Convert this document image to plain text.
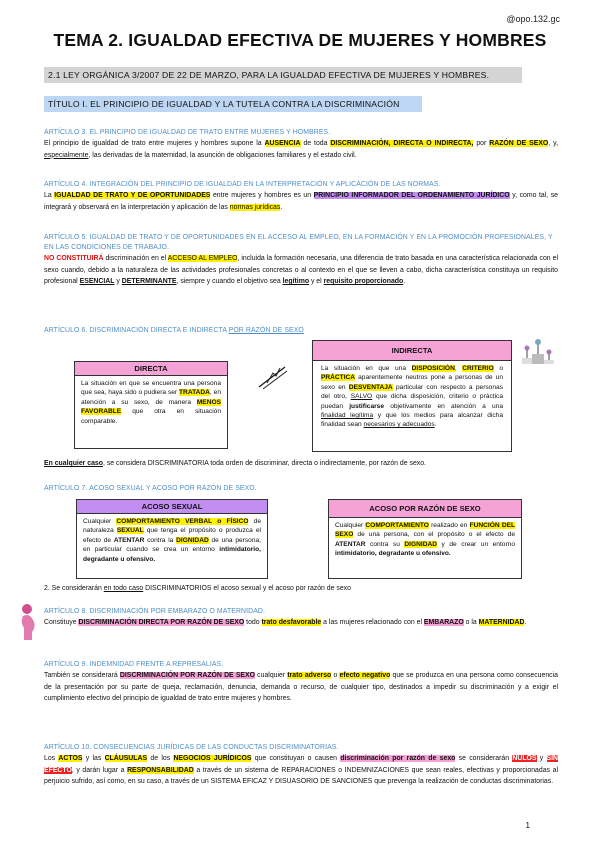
@opo.132.gc
TEMA 2. IGUALDAD EFECTIVA DE MUJERES Y HOMBRES
2.1 LEY ORGÁNICA 3/2007 DE 22 DE MARZO, PARA LA IGUALDAD EFECTIVA DE MUJERES Y HOMBRES.
TÍTULO I. EL PRINCIPIO DE IGUALDAD Y LA TUTELA CONTRA LA DISCRIMINACIÓN
ARTÍCULO 3. EL PRINCIPIO DE IGUALDAD DE TRATO ENTRE MUJERES Y HOMBRES.
El principio de igualdad de trato entre mujeres y hombres supone la AUSENCIA de toda DISCRIMINACIÓN, DIRECTA O INDIRECTA, por RAZÓN DE SEXO, y, especialmente, las derivadas de la maternidad, la asunción de obligaciones familiares y el estado civil.
ARTÍCULO 4. INTEGRACIÓN DEL PRINCIPIO DE IGUALDAD EN LA INTERPRETACIÓN Y APLICACIÓN DE LAS NORMAS.
La IGUALDAD DE TRATO Y DE OPORTUNIDADES entre mujeres y hombres es un PRINCIPIO INFORMADOR DEL ORDENAMIENTO JURÍDICO y, como tal, se integrará y observará en la interpretación y aplicación de las normas jurídicas.
ARTÍCULO 5. IGUALDAD DE TRATO Y DE OPORTUNIDADES EN EL ACCESO AL EMPLEO, EN LA FORMACIÓN Y EN LA PROMOCIÓN PROFESIONALES, Y EN LAS CONDICIONES DE TRABAJO.
NO CONSTITUIRÁ discriminación en el ACCESO AL EMPLEO, incluida la formación necesaria, una diferencia de trato basada en una característica relacionada con el sexo cuando, debido a la naturaleza de las actividades profesionales concretas o al contexto en el que se lleven a cabo, dicha característica constituya un requisito profesional ESENCIAL y DETERMINANTE, siempre y cuando el objetivo sea legítimo y el requisito proporcionado.
ARTÍCULO 6. DISCRIMINACIÓN DIRECTA E INDIRECTA POR RAZÓN DE SEXO
DIRECTA
La situación en que se encuentra una persona que sea, haya sido o pudiera ser TRATADA, en atención a su sexo, de manera MENOS FAVORABLE que otra en situación comparable.
INDIRECTA
La situación en que una DISPOSICIÓN, CRITERIO o PRÁCTICA aparentemente neutros pone a personas de un sexo en DESVENTAJA particular con respecto a personas del otro, SALVO que dicha disposición, criterio o práctica puedan justificarse objetivamente en atención a una finalidad legítima y que los medios para alcanzar dicha finalidad sean necesarios y adecuados.
En cualquier caso, se considera DISCRIMINATORIA toda orden de discriminar, directa o indirectamente, por razón de sexo.
ARTÍCULO 7. ACOSO SEXUAL Y ACOSO POR RAZÓN DE SEXO.
ACOSO SEXUAL
Cualquier COMPORTAMIENTO VERBAL o FÍSICO de naturaleza SEXUAL que tenga el propósito o produzca el efecto de ATENTAR contra la DIGNIDAD de una persona, en particular cuando se crea un entorno intimidatorio, degradante u ofensivo.
ACOSO POR RAZÓN DE SEXO
Cualquier COMPORTAMIENTO realizado en FUNCIÓN DEL SEXO de una persona, con el propósito o el efecto de ATENTAR contra su DIGNIDAD y de crear un entorno intimidatorio, degradante u ofensivo.
2. Se considerarán en todo caso DISCRIMINATORIOS el acoso sexual y el acoso por razón de sexo
ARTÍCULO 8. DISCRIMINACIÓN POR EMBARAZO O MATERNIDAD.
Constituye DISCRIMINACIÓN DIRECTA POR RAZÓN DE SEXO todo trato desfavorable a las mujeres relacionado con el EMBARAZO o la MATERNIDAD.
ARTÍCULO 9. INDEMNIDAD FRENTE A REPRESALIAS.
También se considerará DISCRIMINACIÓN POR RAZÓN DE SEXO cualquier trato adverso o efecto negativo que se produzca en una persona como consecuencia de la presentación por su parte de queja, reclamación, denuncia, demanda o recurso, de cualquier tipo, destinados a impedir su discriminación y a exigir el cumplimiento efectivo del principio de igualdad de trato entre mujeres y hombres.
ARTÍCULO 10. CONSECUENCIAS JURÍDICAS DE LAS CONDUCTAS DISCRIMINATORIAS.
Los ACTOS y las CLÁUSULAS de los NEGOCIOS JURÍDICOS que constituyan o causen discriminación por razón de sexo se considerarán NULOS y SIN EFECTO, y darán lugar a RESPONSABILIDAD a través de un sistema de REPARACIONES o INDEMNIZACIONES que sean reales, efectivas y proporcionadas al perjuicio sufrido, así como, en su caso, a través de un SISTEMA EFICAZ Y DISUASORIO DE SANCIONES que prevenga la realización de conductas discriminatorias.
1
